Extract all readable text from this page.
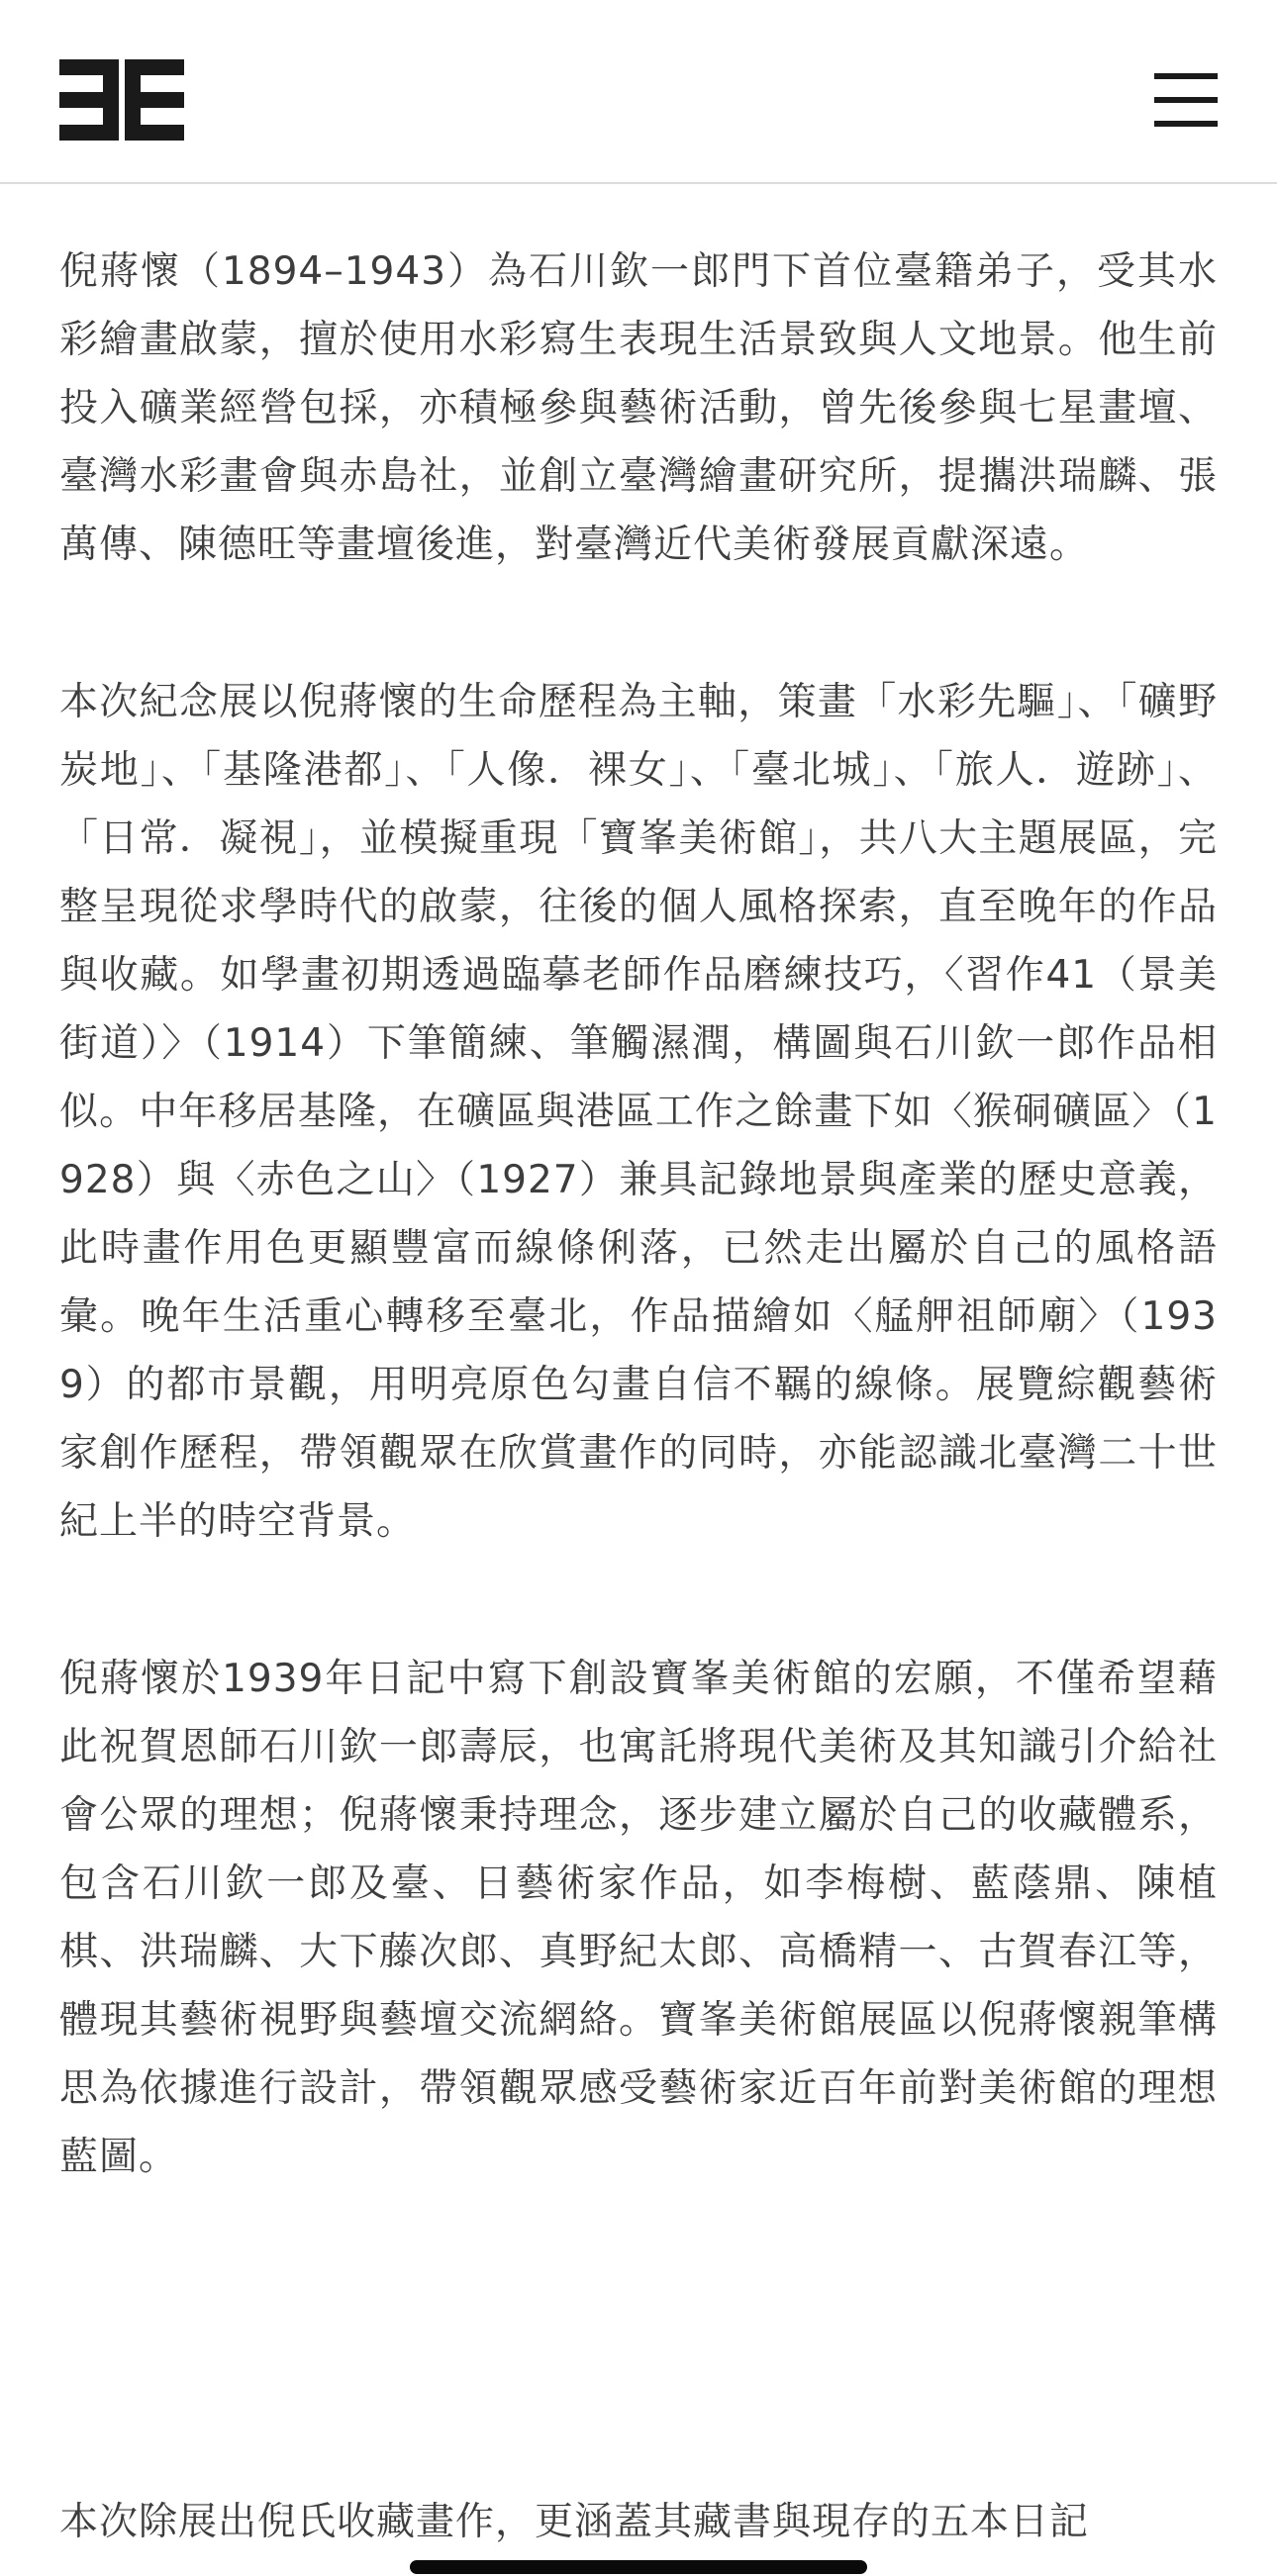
倪蔣懷（1894–1943）為石川欽一郎門下首位臺籍弟子，受其水彩繪畫啟蒙，擅於使用水彩寫生表現生活景致與人文地景。他生前投入礦業經營包採，亦積極參與藝術活動，曾先後參與七星畫壇、臺灣水彩畫會與赤島社，並創立臺灣繪畫研究所，提攜洪瑞麟、張萬傳、陳德旺等畫壇後進，對臺灣近代美術發展貢獻深遠。

本次紀念展以倪蔣懷的生命歷程為主軸，策畫「水彩先驅」、「礦野炭地」、「基隆港都」、「人像．裸女」、「臺北城」、「旅人．遊跡」、「日常．凝視」，並模擬重現「寶峯美術館」，共八大主題展區，完整呈現從求學時代的啟蒙，往後的個人風格探索，直至晚年的作品與收藏。如學畫初期透過臨摹老師作品磨練技巧，〈習作41（景美街道）〉（1914）下筆簡練、筆觸濕潤，構圖與石川欽一郎作品相似。中年移居基隆，在礦區與港區工作之餘畫下如〈猴硐礦區〉（1928）與〈赤色之山〉（1927）兼具記錄地景與產業的歷史意義，此時畫作用色更顯豐富而線條俐落，已然走出屬於自己的風格語彙。晚年生活重心轉移至臺北，作品描繪如〈艋舺祖師廟〉（1939）的都市景觀，用明亮原色勾畫自信不羈的線條。展覽綜觀藝術家創作歷程，帶領觀眾在欣賞畫作的同時，亦能認識北臺灣二十世紀上半的時空背景。

倪蔣懷於1939年日記中寫下創設寶峯美術館的宏願，不僅希望藉此祝賀恩師石川欽一郎壽辰，也寓託將現代美術及其知識引介給社會公眾的理想；倪蔣懷秉持理念，逐步建立屬於自己的收藏體系，包含石川欽一郎及臺、日藝術家作品，如李梅樹、藍蔭鼎、陳植棋、洪瑞麟、大下藤次郎、真野紀太郎、高橋精一、古賀春江等，體現其藝術視野與藝壇交流網絡。寶峯美術館展區以倪蔣懷親筆構思為依據進行設計，帶領觀眾感受藝術家近百年前對美術館的理想藍圖。

本次除展出倪氏收藏畫作，更涵蓋其藏書與現存的五本日記
